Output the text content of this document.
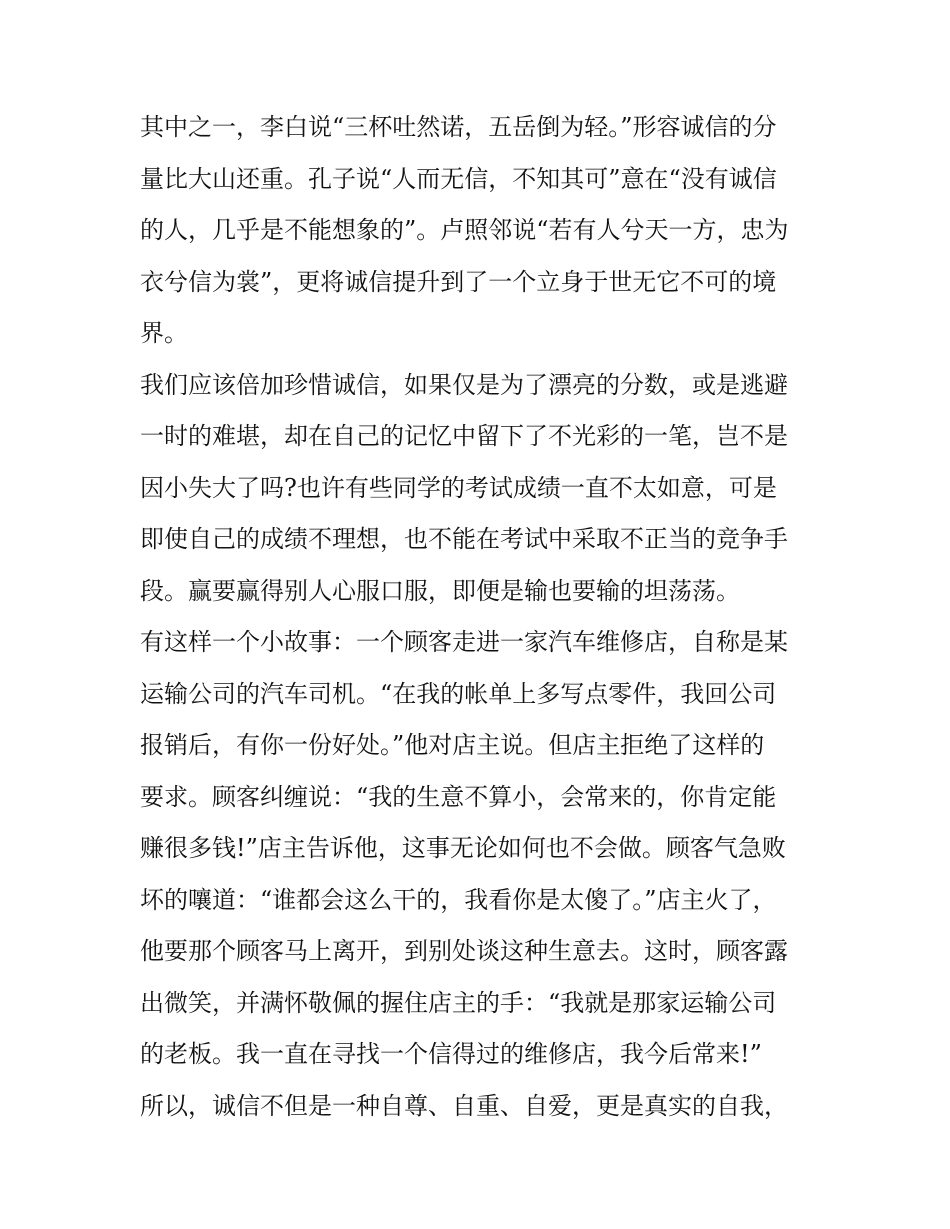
其中之一，李白说“三杯吐然诺，五岳倒为轻。”形容诚信的分
量比大山还重。孔子说“人而无信，不知其可”意在“没有诚信
的人，几乎是不能想象的”。卢照邻说“若有人兮天一方，忠为
衣兮信为裳”，更将诚信提升到了一个立身于世无它不可的境
界。
我们应该倍加珍惜诚信，如果仅是为了漂亮的分数，或是逃避
一时的难堪，却在自己的记忆中留下了不光彩的一笔，岂不是
因小失大了吗?也许有些同学的考试成绩一直不太如意，可是
即使自己的成绩不理想，也不能在考试中采取不正当的竞争手
段。赢要赢得别人心服口服，即便是输也要输的坦荡荡。
有这样一个小故事：一个顾客走进一家汽车维修店，自称是某
运输公司的汽车司机。“在我的帐单上多写点零件，我回公司
报销后，有你一份好处。”他对店主说。但店主拒绝了这样的
要求。顾客纠缠说：“我的生意不算小，会常来的，你肯定能
赚很多钱!”店主告诉他，这事无论如何也不会做。顾客气急败
坏的嚷道：“谁都会这么干的，我看你是太傻了。”店主火了，
他要那个顾客马上离开，到别处谈这种生意去。这时，顾客露
出微笑，并满怀敬佩的握住店主的手：“我就是那家运输公司
的老板。我一直在寻找一个信得过的维修店，我今后常来!”
所以，诚信不但是一种自尊、自重、自爱，更是真实的自我，
